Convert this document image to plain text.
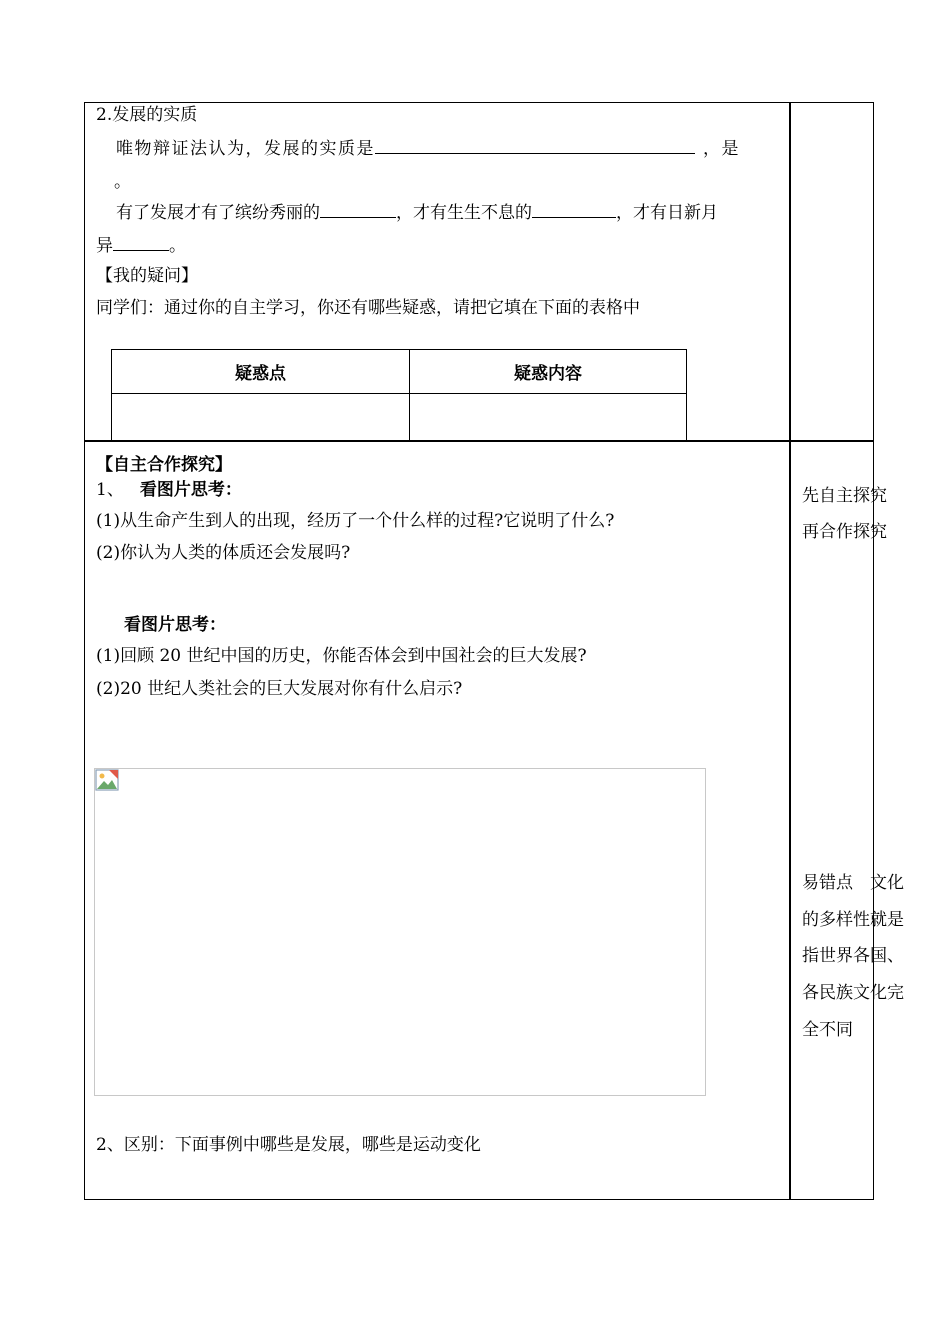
2.发展的实质
唯物辩证法认为，发展的实质是	，是
。
有了发展才有了缤纷秀丽的	，才有生生不息的	，才有日新月
异	。
【我的疑问】
同学们：通过你的自主学习，你还有哪些疑惑，请把它填在下面的表格中
疑惑点	疑惑内容

【自主合作探究】
1、 看图片思考：
(1)从生命产生到人的出现，经历了一个什么样的过程?它说明了什么?
(2)你认为人类的体质还会发展吗?
看图片思考：
(1)回顾 20 世纪中国的历史，你能否体会到中国社会的巨大发展?
(2)20 世纪人类社会的巨大发展对你有什么启示?
2、区别：下面事例中哪些是发展，哪些是运动变化
先自主探究
再合作探究
易错点　文化
的多样性就是
指世界各国、
各民族文化完
全不同
